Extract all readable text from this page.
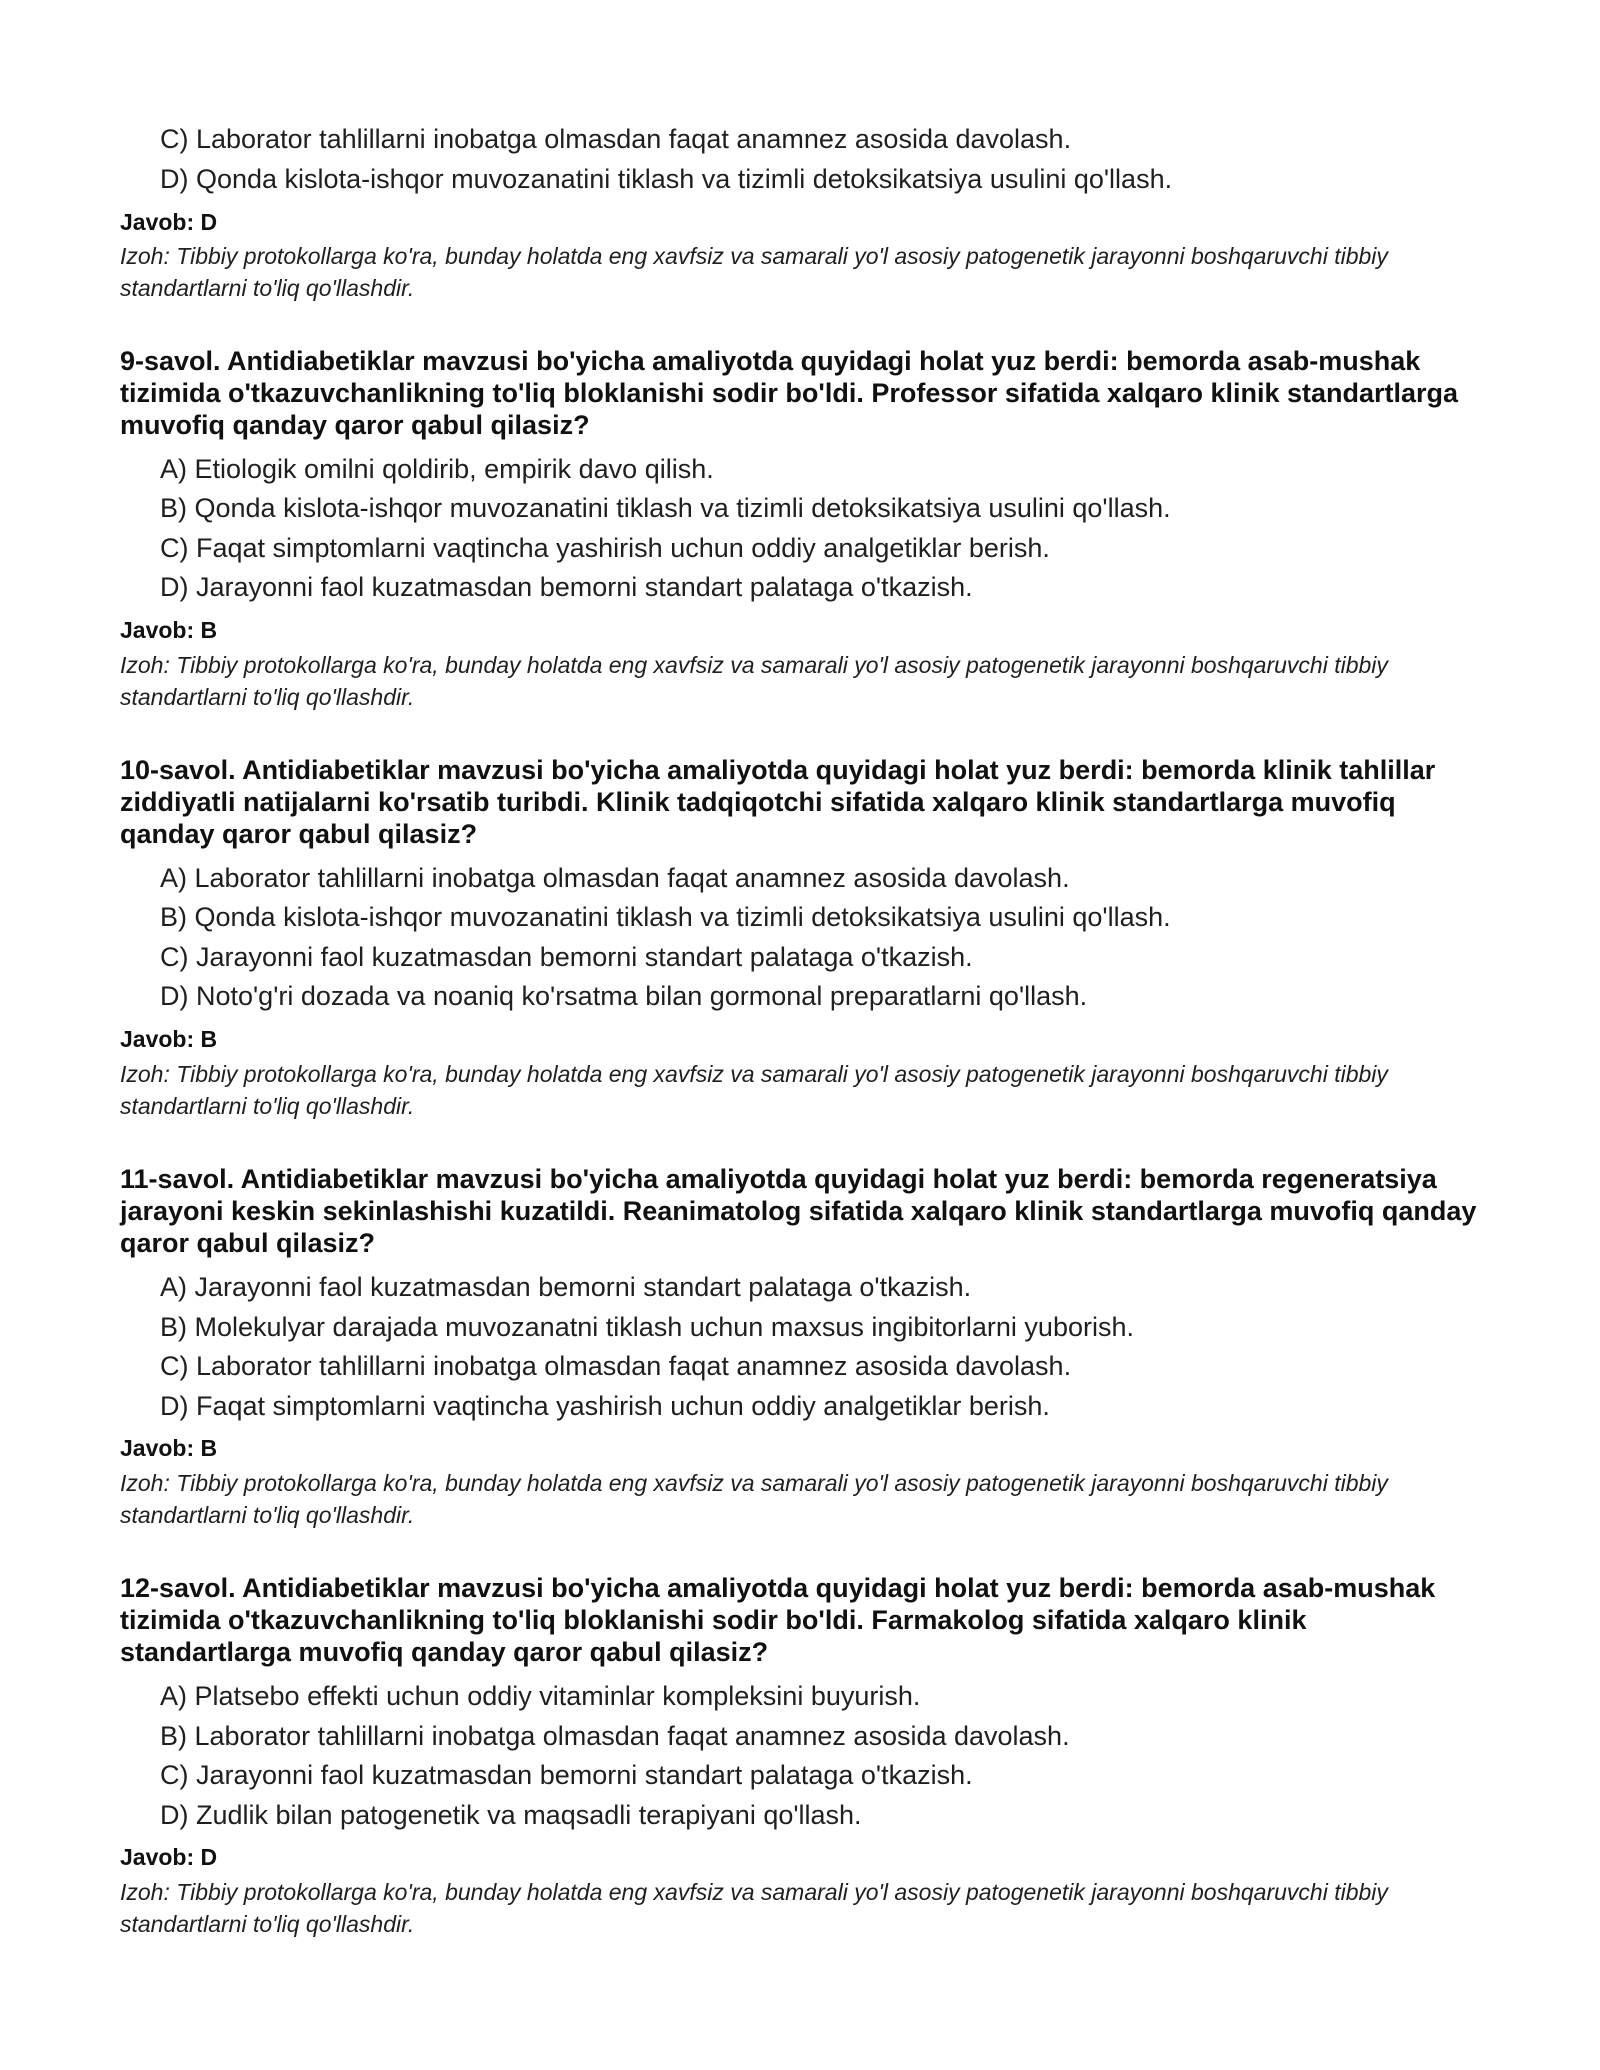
C) Laborator tahlillarni inobatga olmasdan faqat anamnez asosida davolash.

D) Qonda kislota-ishqor muvozanatini tiklash va tizimli detoksikatsiya usulini qo'llash.

Javob: D

Izoh: Tibbiy protokollarga ko'ra, bunday holatda eng xavfsiz va samarali yo'l asosiy patogenetik jarayonni boshqaruvchi tibbiy standartlarni to'liq qo'llashdir.

9-savol. Antidiabetiklar mavzusi bo'yicha amaliyotda quyidagi holat yuz berdi: bemorda asab-mushak tizimida o'tkazuvchanlikning to'liq bloklanishi sodir bo'ldi. Professor sifatida xalqaro klinik standartlarga muvofiq qanday qaror qabul qilasiz?

A) Etiologik omilni qoldirib, empirik davo qilish.

B) Qonda kislota-ishqor muvozanatini tiklash va tizimli detoksikatsiya usulini qo'llash.

C) Faqat simptomlarni vaqtincha yashirish uchun oddiy analgetiklar berish.

D) Jarayonni faol kuzatmasdan bemorni standart palataga o'tkazish.

Javob: B

Izoh: Tibbiy protokollarga ko'ra, bunday holatda eng xavfsiz va samarali yo'l asosiy patogenetik jarayonni boshqaruvchi tibbiy standartlarni to'liq qo'llashdir.

10-savol. Antidiabetiklar mavzusi bo'yicha amaliyotda quyidagi holat yuz berdi: bemorda klinik tahlillar ziddiyatli natijalarni ko'rsatib turibdi. Klinik tadqiqotchi sifatida xalqaro klinik standartlarga muvofiq qanday qaror qabul qilasiz?

A) Laborator tahlillarni inobatga olmasdan faqat anamnez asosida davolash.

B) Qonda kislota-ishqor muvozanatini tiklash va tizimli detoksikatsiya usulini qo'llash.

C) Jarayonni faol kuzatmasdan bemorni standart palataga o'tkazish.

D) Noto'g'ri dozada va noaniq ko'rsatma bilan gormonal preparatlarni qo'llash.

Javob: B

Izoh: Tibbiy protokollarga ko'ra, bunday holatda eng xavfsiz va samarali yo'l asosiy patogenetik jarayonni boshqaruvchi tibbiy standartlarni to'liq qo'llashdir.

11-savol. Antidiabetiklar mavzusi bo'yicha amaliyotda quyidagi holat yuz berdi: bemorda regeneratsiya jarayoni keskin sekinlashishi kuzatildi. Reanimatolog sifatida xalqaro klinik standartlarga muvofiq qanday qaror qabul qilasiz?

A) Jarayonni faol kuzatmasdan bemorni standart palataga o'tkazish.

B) Molekulyar darajada muvozanatni tiklash uchun maxsus ingibitorlarni yuborish.

C) Laborator tahlillarni inobatga olmasdan faqat anamnez asosida davolash.

D) Faqat simptomlarni vaqtincha yashirish uchun oddiy analgetiklar berish.

Javob: B

Izoh: Tibbiy protokollarga ko'ra, bunday holatda eng xavfsiz va samarali yo'l asosiy patogenetik jarayonni boshqaruvchi tibbiy standartlarni to'liq qo'llashdir.

12-savol. Antidiabetiklar mavzusi bo'yicha amaliyotda quyidagi holat yuz berdi: bemorda asab-mushak tizimida o'tkazuvchanlikning to'liq bloklanishi sodir bo'ldi. Farmakolog sifatida xalqaro klinik standartlarga muvofiq qanday qaror qabul qilasiz?

A) Platsebo effekti uchun oddiy vitaminlar kompleksini buyurish.

B) Laborator tahlillarni inobatga olmasdan faqat anamnez asosida davolash.

C) Jarayonni faol kuzatmasdan bemorni standart palataga o'tkazish.

D) Zudlik bilan patogenetik va maqsadli terapiyani qo'llash.

Javob: D

Izoh: Tibbiy protokollarga ko'ra, bunday holatda eng xavfsiz va samarali yo'l asosiy patogenetik jarayonni boshqaruvchi tibbiy standartlarni to'liq qo'llashdir.
